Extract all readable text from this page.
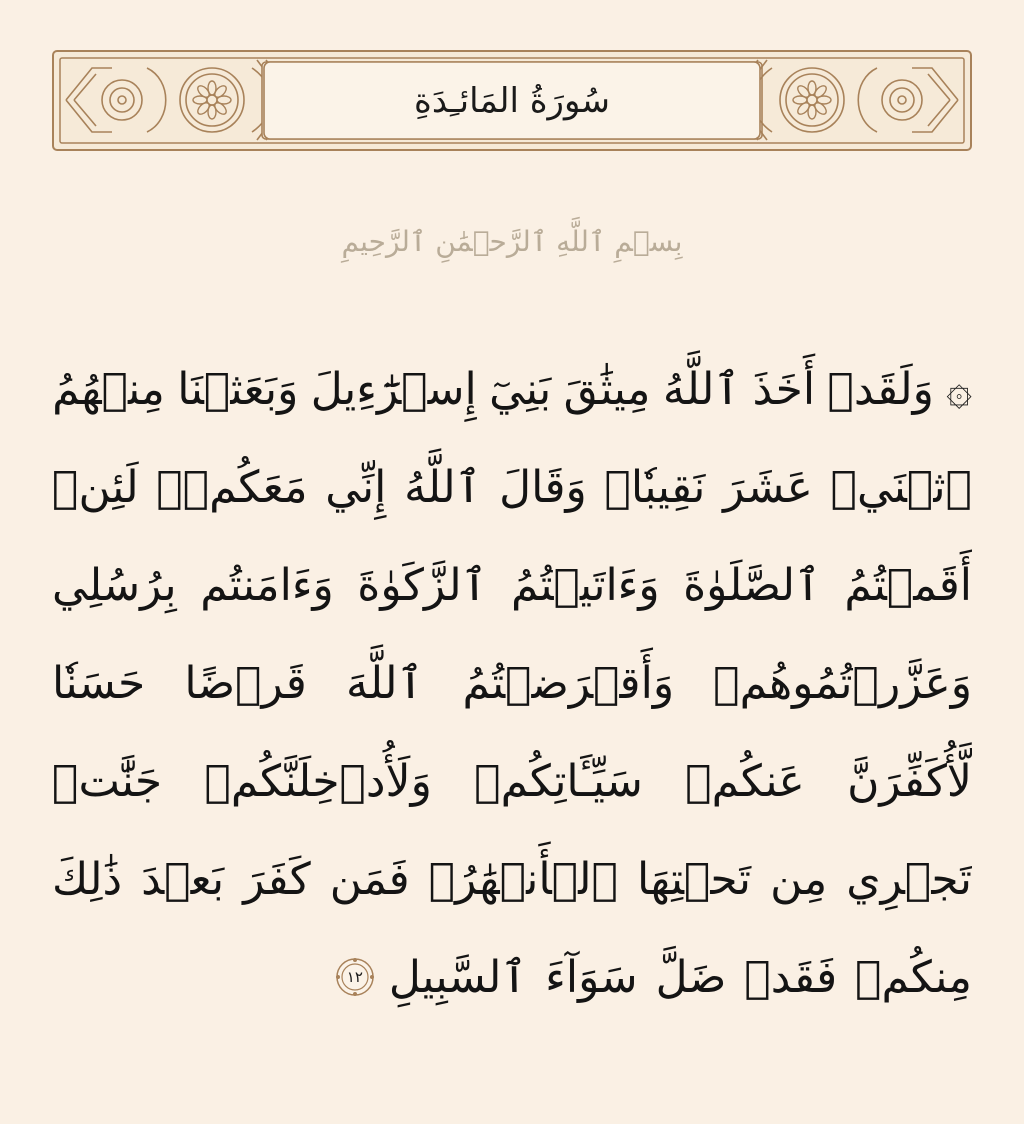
سُورَةُ المَائـِدَةِ
بِسۡمِ ٱللَّهِ ٱلرَّحۡمَٰنِ ٱلرَّحِيمِ
۞
وَلَقَدۡ
أَخَذَ
ٱللَّهُ
مِيثَٰقَ
بَنِيٓ
إِسۡرَٰٓءِيلَ
وَبَعَثۡنَا
مِنۡهُمُ
ٱثۡنَيۡ
عَشَرَ
نَقِيبٗاۖ
وَقَالَ
ٱللَّهُ
إِنِّي
مَعَكُمۡۖ
لَئِنۡ
أَقَمۡتُمُ
ٱلصَّلَوٰةَ
وَءَاتَيۡتُمُ
ٱلزَّكَوٰةَ
وَءَامَنتُم
بِرُسُلِي
وَعَزَّرۡتُمُوهُمۡ
وَأَقۡرَضۡتُمُ
ٱللَّهَ
قَرۡضًا
حَسَنٗا
لَّأُكَفِّرَنَّ
عَنكُمۡ
سَيِّـَٔاتِكُمۡ
وَلَأُدۡخِلَنَّكُمۡ
جَنَّٰتٖ
تَجۡرِي
مِن
تَحۡتِهَا
ٱلۡأَنۡهَٰرُۚ
فَمَن
كَفَرَ
بَعۡدَ
ذَٰلِكَ
مِنكُمۡ
فَقَدۡ
ضَلَّ
سَوَآءَ
ٱلسَّبِيلِ
١٢
